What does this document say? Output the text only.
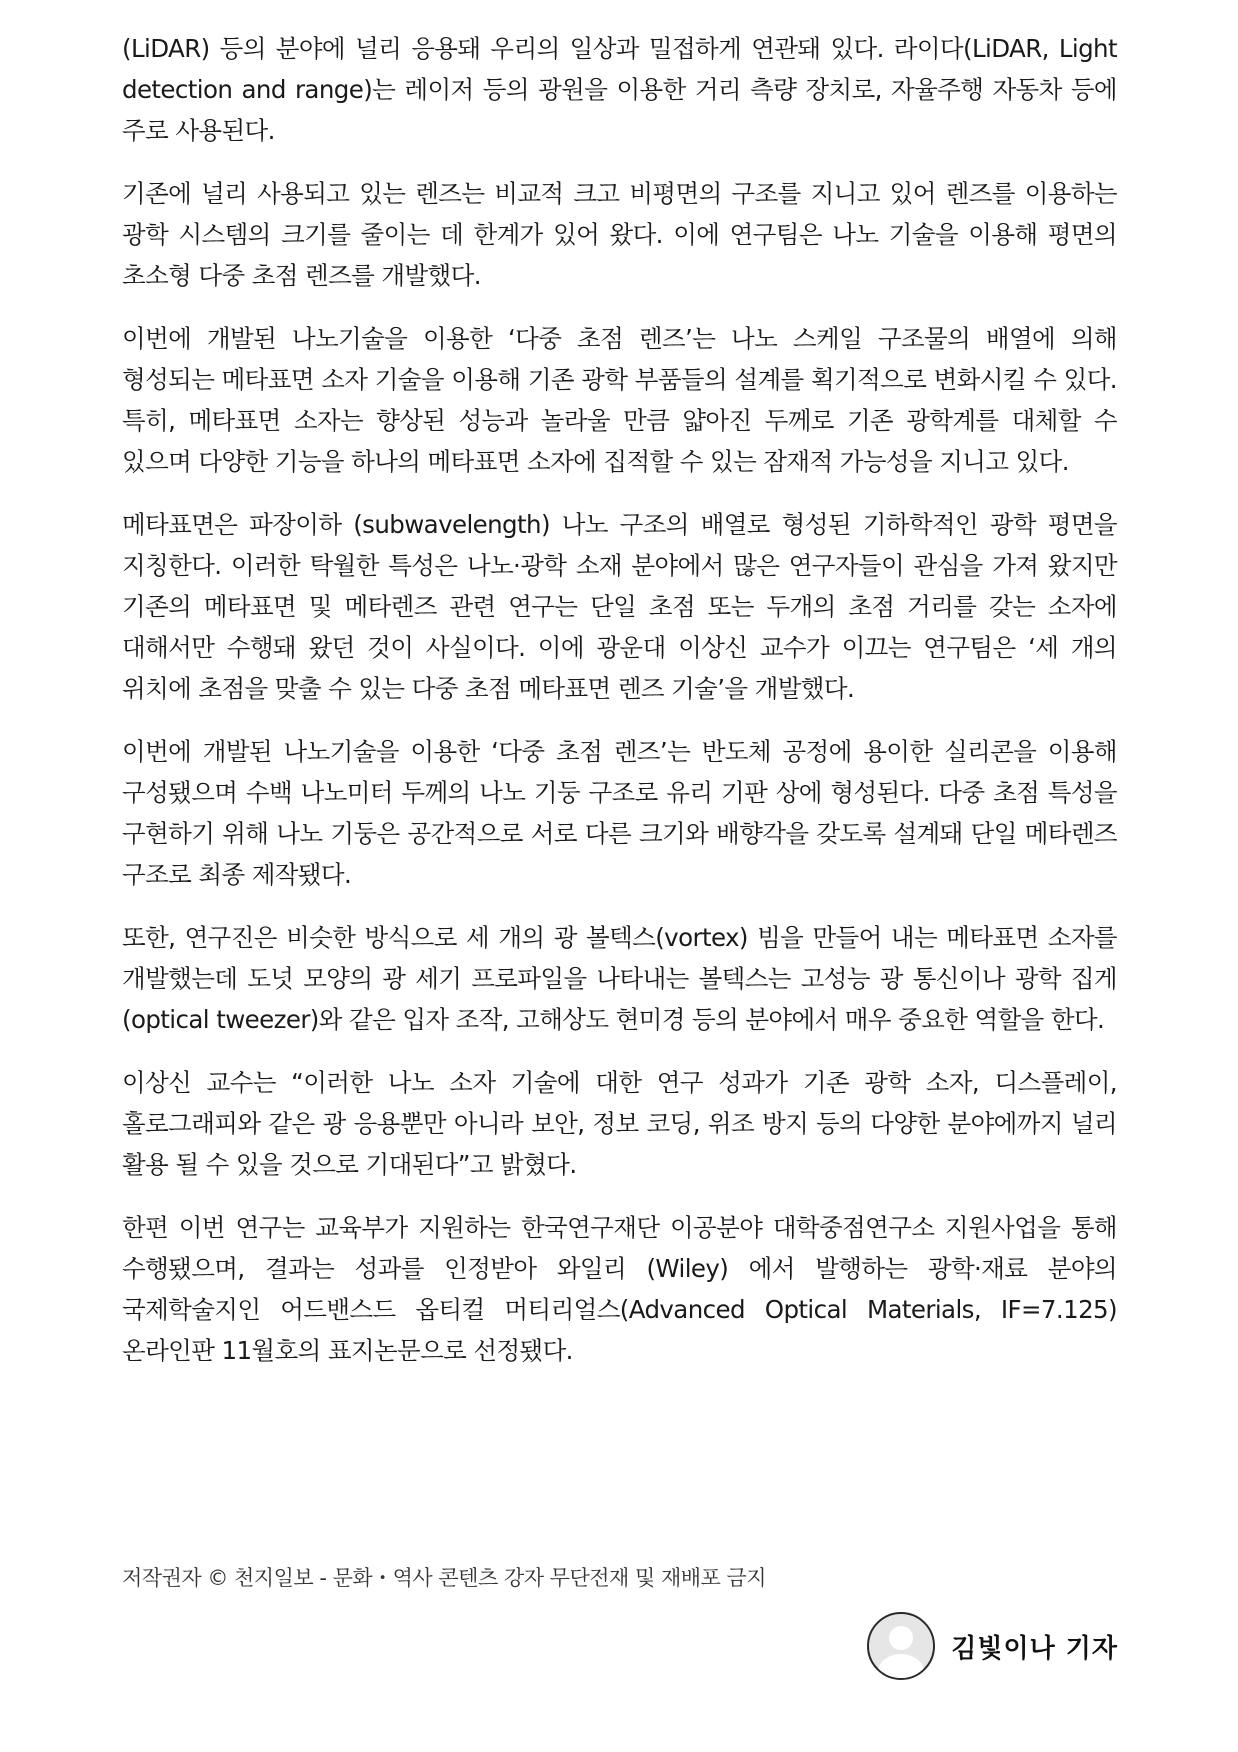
(LiDAR) 등의 분야에 널리 응용돼 우리의 일상과 밀접하게 연관돼 있다. 라이다(LiDAR, Light detection and range)는 레이저 등의 광원을 이용한 거리 측량 장치로, 자율주행 자동차 등에 주로 사용된다.

기존에 널리 사용되고 있는 렌즈는 비교적 크고 비평면의 구조를 지니고 있어 렌즈를 이용하는 광학 시스템의 크기를 줄이는 데 한계가 있어 왔다. 이에 연구팀은 나노 기술을 이용해 평면의 초소형 다중 초점 렌즈를 개발했다.

이번에 개발된 나노기술을 이용한 ‘다중 초점 렌즈’는 나노 스케일 구조물의 배열에 의해 형성되는 메타표면 소자 기술을 이용해 기존 광학 부품들의 설계를 획기적으로 변화시킬 수 있다. 특히, 메타표면 소자는 향상된 성능과 놀라울 만큼 얇아진 두께로 기존 광학계를 대체할 수 있으며 다양한 기능을 하나의 메타표면 소자에 집적할 수 있는 잠재적 가능성을 지니고 있다.

메타표면은 파장이하 (subwavelength) 나노 구조의 배열로 형성된 기하학적인 광학 평면을 지칭한다. 이러한 탁월한 특성은 나노·광학 소재 분야에서 많은 연구자들이 관심을 가져 왔지만 기존의 메타표면 및 메타렌즈 관련 연구는 단일 초점 또는 두개의 초점 거리를 갖는 소자에 대해서만 수행돼 왔던 것이 사실이다. 이에 광운대 이상신 교수가 이끄는 연구팀은 ‘세 개의 위치에 초점을 맞출 수 있는 다중 초점 메타표면 렌즈 기술’을 개발했다.

이번에 개발된 나노기술을 이용한 ‘다중 초점 렌즈’는 반도체 공정에 용이한 실리콘을 이용해 구성됐으며 수백 나노미터 두께의 나노 기둥 구조로 유리 기판 상에 형성된다. 다중 초점 특성을 구현하기 위해 나노 기둥은 공간적으로 서로 다른 크기와 배향각을 갖도록 설계돼 단일 메타렌즈 구조로 최종 제작됐다.

또한, 연구진은 비슷한 방식으로 세 개의 광 볼텍스(vortex) 빔을 만들어 내는 메타표면 소자를 개발했는데 도넛 모양의 광 세기 프로파일을 나타내는 볼텍스는 고성능 광 통신이나 광학 집게(optical tweezer)와 같은 입자 조작, 고해상도 현미경 등의 분야에서 매우 중요한 역할을 한다.

이상신 교수는 “이러한 나노 소자 기술에 대한 연구 성과가 기존 광학 소자, 디스플레이, 홀로그래피와 같은 광 응용뿐만 아니라 보안, 정보 코딩, 위조 방지 등의 다양한 분야에까지 널리 활용 될 수 있을 것으로 기대된다”고 밝혔다.

한편 이번 연구는 교육부가 지원하는 한국연구재단 이공분야 대학중점연구소 지원사업을 통해 수행됐으며, 결과는 성과를 인정받아 와일리 (Wiley) 에서 발행하는 광학·재료 분야의 국제학술지인 어드밴스드 옵티컬 머티리얼스(Advanced Optical Materials, IF=7.125) 온라인판 11월호의 표지논문으로 선정됐다.

저작권자 © 천지일보 - 문화・역사 콘텐츠 강자 무단전재 및 재배포 금지
김빛이나 기자
